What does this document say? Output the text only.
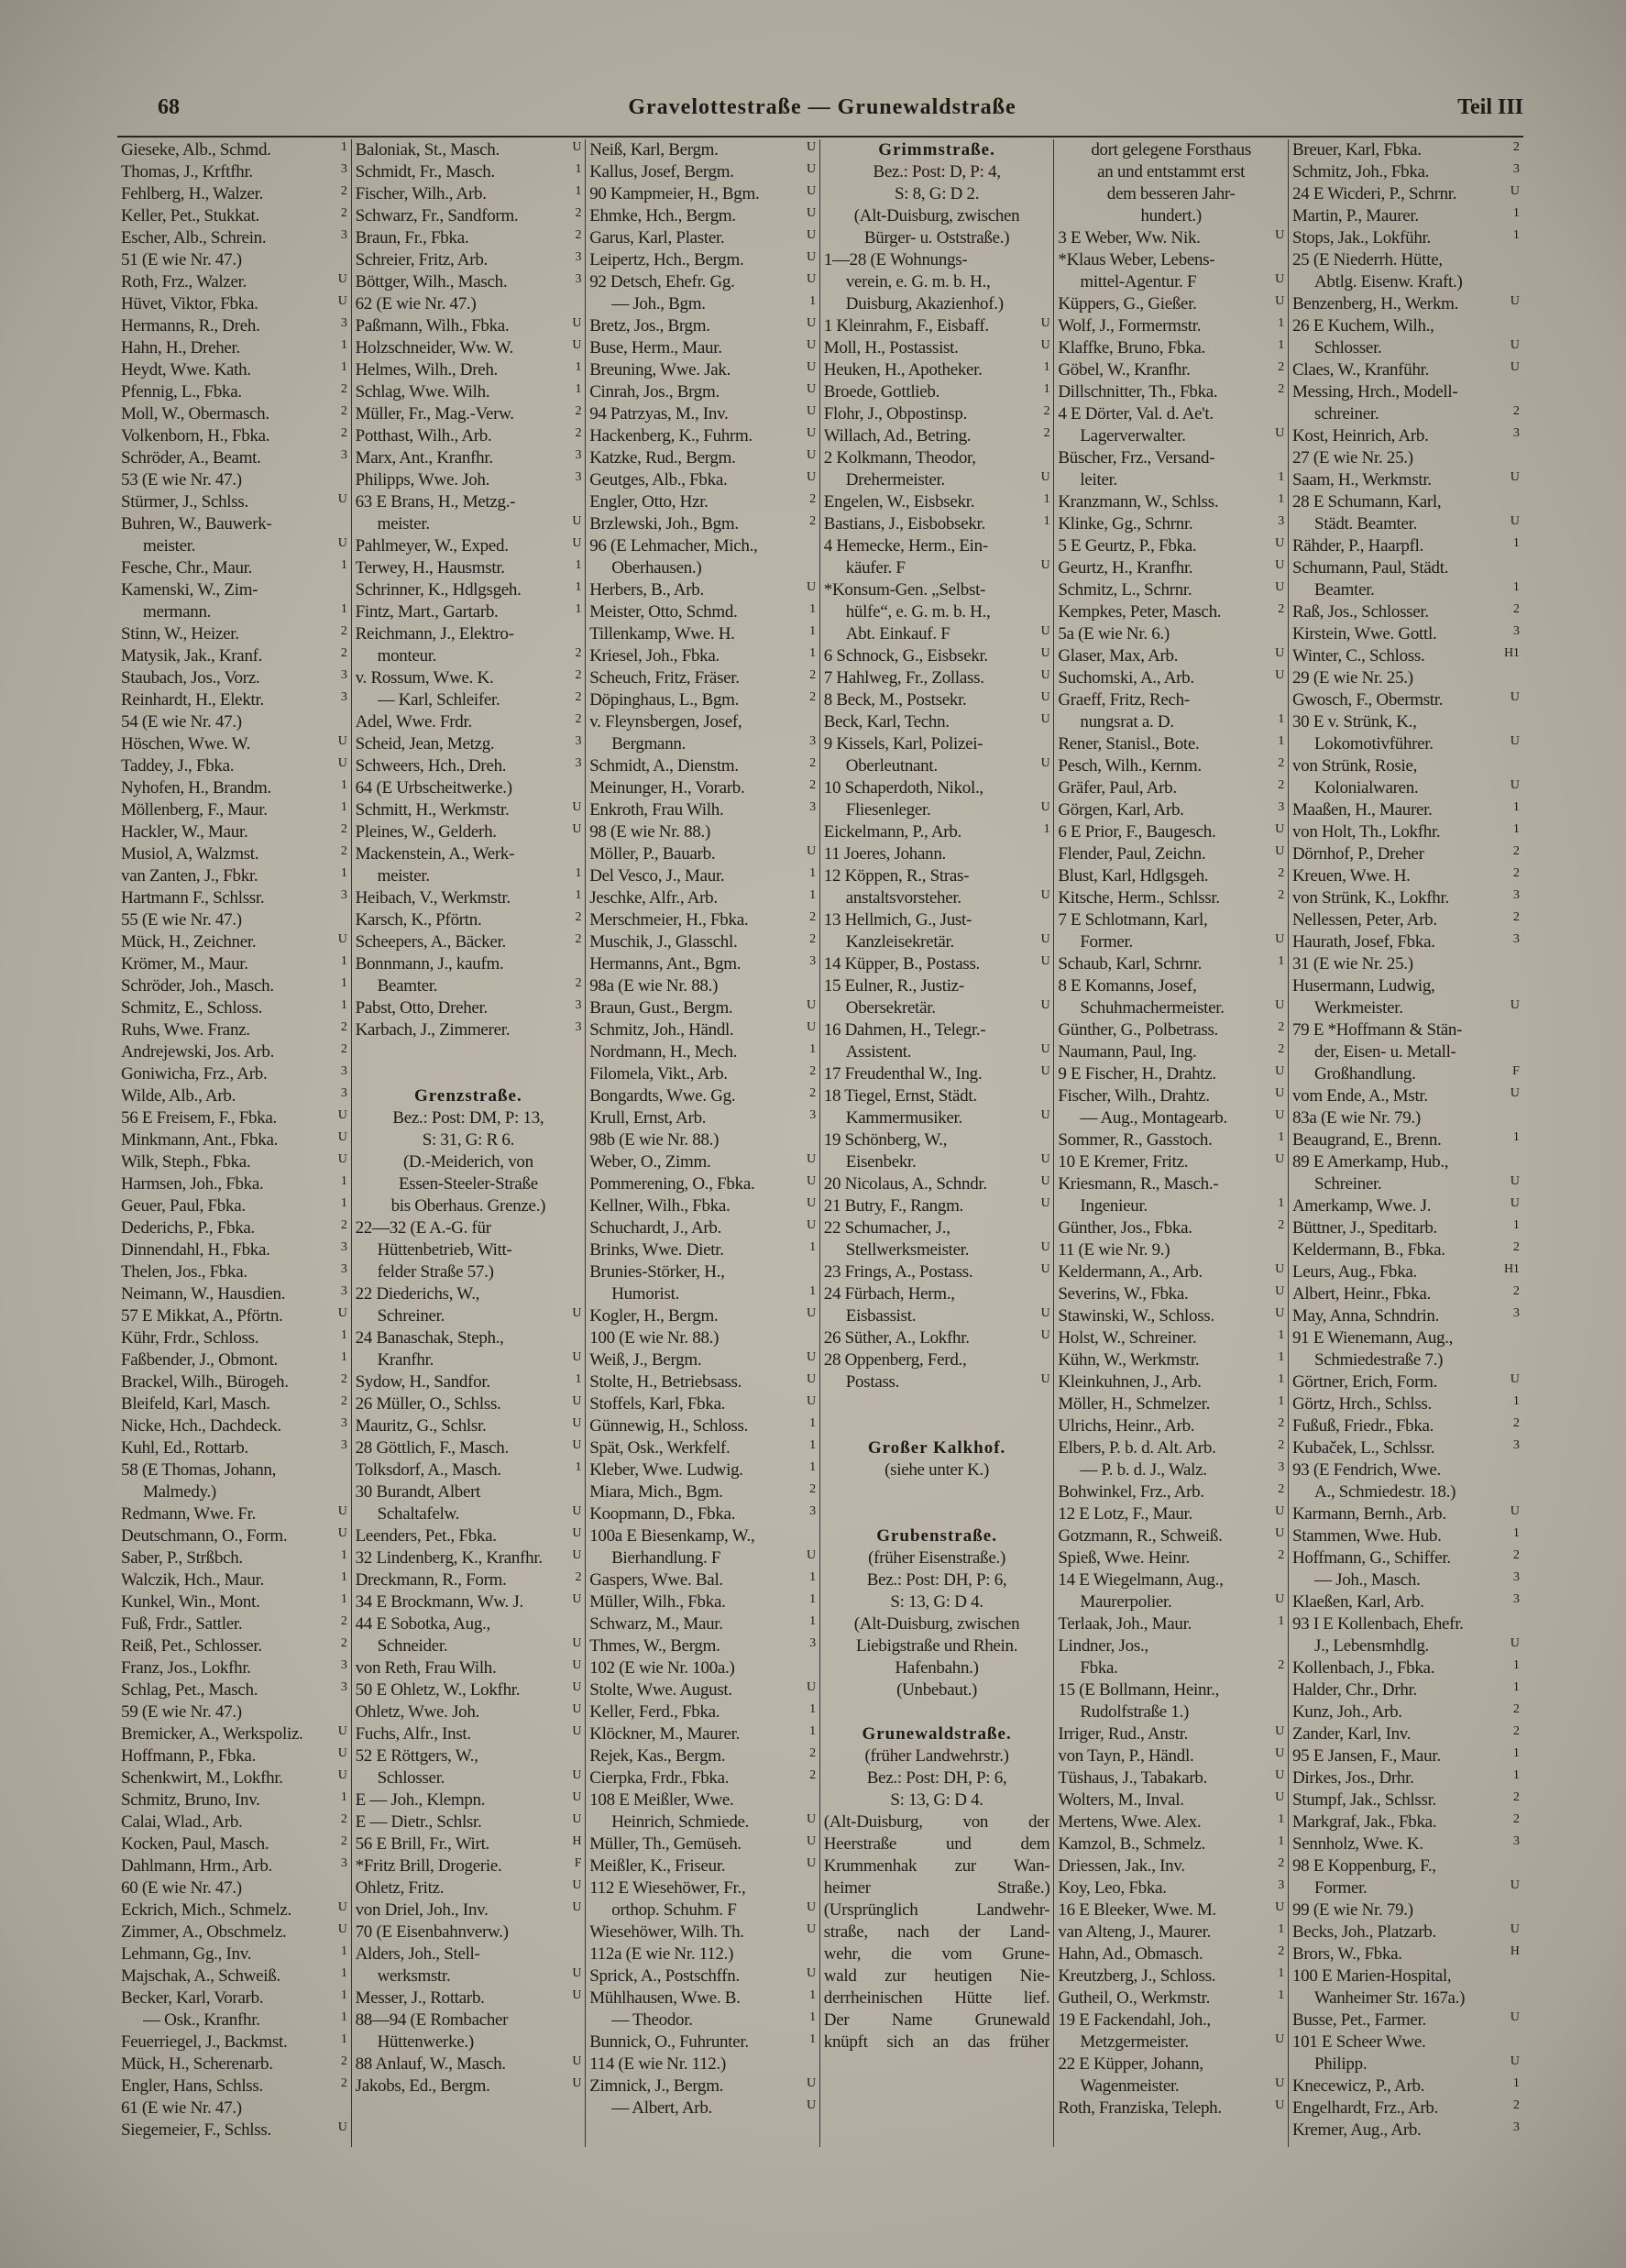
68	Gravelottestraße — Grunewaldstraße	Teil III
Gieseke, Alb., Schmd.	1
Thomas, J., Krftfhr.	3
Fehlberg, H., Walzer.	2
Keller, Pet., Stukkat.	2
Escher, Alb., Schrein.	3
51 (E wie Nr. 47.)
Roth, Frz., Walzer.	U
Hüvet, Viktor, Fbka.	U
Hermanns, R., Dreh.	3
Hahn, H., Dreher.	1
Heydt, Wwe. Kath.	1
Pfennig, L., Fbka.	2
Moll, W., Obermasch.	2
Volkenborn, H., Fbka.	2
Schröder, A., Beamt.	3
53 (E wie Nr. 47.)
Stürmer, J., Schlss.	U
Buhren, W., Bauwerk-
meister.	U
Fesche, Chr., Maur.	1
Kamenski, W., Zim-
mermann.	1
Stinn, W., Heizer.	2
Matysik, Jak., Kranf.	2
Staubach, Jos., Vorz.	3
Reinhardt, H., Elektr.	3
54 (E wie Nr. 47.)
Höschen, Wwe. W.	U
Taddey, J., Fbka.	U
Nyhofen, H., Brandm.	1
Möllenberg, F., Maur.	1
Hackler, W., Maur.	2
Musiol, A, Walzmst.	2
van Zanten, J., Fbkr.	1
Hartmann F., Schlssr.	3
55 (E wie Nr. 47.)
Mück, H., Zeichner.	U
Krömer, M., Maur.	1
Schröder, Joh., Masch.	1
Schmitz, E., Schloss.	1
Ruhs, Wwe. Franz.	2
Andrejewski, Jos. Arb.	2
Goniwicha, Frz., Arb.	3
Wilde, Alb., Arb.	3
56 E Freisem, F., Fbka.	U
Minkmann, Ant., Fbka.	U
Wilk, Steph., Fbka.	U
Harmsen, Joh., Fbka.	1
Geuer, Paul, Fbka.	1
Dederichs, P., Fbka.	2
Dinnendahl, H., Fbka.	3
Thelen, Jos., Fbka.	3
Neimann, W., Hausdien.	3
57 E Mikkat, A., Pförtn.	U
Kühr, Frdr., Schloss.	1
Faßbender, J., Obmont.	1
Brackel, Wilh., Bürogeh.	2
Bleifeld, Karl, Masch.	2
Nicke, Hch., Dachdeck.	3
Kuhl, Ed., Rottarb.	3
58 (E Thomas, Johann,
Malmedy.)
Redmann, Wwe. Fr.	U
Deutschmann, O., Form.	U
Saber, P., Strßbch.	1
Walczik, Hch., Maur.	1
Kunkel, Win., Mont.	1
Fuß, Frdr., Sattler.	2
Reiß, Pet., Schlosser.	2
Franz, Jos., Lokfhr.	3
Schlag, Pet., Masch.	3
59 (E wie Nr. 47.)
Bremicker, A., Werkspoliz.	U
Hoffmann, P., Fbka.	U
Schenkwirt, M., Lokfhr.	U
Schmitz, Bruno, Inv.	1
Calai, Wlad., Arb.	2
Kocken, Paul, Masch.	2
Dahlmann, Hrm., Arb.	3
60 (E wie Nr. 47.)
Eckrich, Mich., Schmelz.	U
Zimmer, A., Obschmelz.	U
Lehmann, Gg., Inv.	1
Majschak, A., Schweiß.	1
Becker, Karl, Vorarb.	1
— Osk., Kranfhr.	1
Feuerriegel, J., Backmst.	1
Mück, H., Scherenarb.	2
Engler, Hans, Schlss.	2
61 (E wie Nr. 47.)
Siegemeier, F., Schlss.	U
Baloniak, St., Masch.	U
Schmidt, Fr., Masch.	1
Fischer, Wilh., Arb.	1
Schwarz, Fr., Sandform.	2
Braun, Fr., Fbka.	2
Schreier, Fritz, Arb.	3
Böttger, Wilh., Masch.	3
62 (E wie Nr. 47.)
Paßmann, Wilh., Fbka.	U
Holzschneider, Ww. W.	U
Helmes, Wilh., Dreh.	1
Schlag, Wwe. Wilh.	1
Müller, Fr., Mag.-Verw.	2
Potthast, Wilh., Arb.	2
Marx, Ant., Kranfhr.	3
Philipps, Wwe. Joh.	3
63 E Brans, H., Metzg.-
meister.	U
Pahlmeyer, W., Exped.	U
Terwey, H., Hausmstr.	1
Schrinner, K., Hdlgsgeh.	1
Fintz, Mart., Gartarb.	1
Reichmann, J., Elektro-
monteur.	2
v. Rossum, Wwe. K.	2
— Karl, Schleifer.	2
Adel, Wwe. Frdr.	2
Scheid, Jean, Metzg.	3
Schweers, Hch., Dreh.	3
64 (E Urbscheitwerke.)
Schmitt, H., Werkmstr.	U
Pleines, W., Gelderh.	U
Mackenstein, A., Werk-
meister.	1
Heibach, V., Werkmstr.	1
Karsch, K., Pförtn.	2
Scheepers, A., Bäcker.	2
Bonnmann, J., kaufm.
Beamter.	2
Pabst, Otto, Dreher.	3
Karbach, J., Zimmerer.	3
Grenzstraße.
Bez.: Post: DM, P: 13,
S: 31, G: R 6.
(D.-Meiderich, von
Essen-Steeler-Straße
bis Oberhaus. Grenze.)
22—32 (E A.-G. für
Hüttenbetrieb, Witt-
felder Straße 57.)
22 Diederichs, W.,
Schreiner.	U
24 Banaschak, Steph.,
Kranfhr.	U
Sydow, H., Sandfor.	1
26 Müller, O., Schlss.	U
Mauritz, G., Schlsr.	U
28 Göttlich, F., Masch.	U
Tolksdorf, A., Masch.	1
30 Burandt, Albert
Schaltafelw.	U
Leenders, Pet., Fbka.	U
32 Lindenberg, K., Kranfhr.	U
Dreckmann, R., Form.	2
34 E Brockmann, Ww. J.	U
44 E Sobotka, Aug.,
Schneider.	U
von Reth, Frau Wilh.	U
50 E Ohletz, W., Lokfhr.	U
Ohletz, Wwe. Joh.	U
Fuchs, Alfr., Inst.	U
52 E Röttgers, W.,
Schlosser.	U
E — Joh., Klempn.	U
E — Dietr., Schlsr.	U
56 E Brill, Fr., Wirt.	H
*Fritz Brill, Drogerie.	F
Ohletz, Fritz.	U
von Driel, Joh., Inv.	U
70 (E Eisenbahnverw.)
Alders, Joh., Stell-
werksmstr.	U
Messer, J., Rottarb.	U
88—94 (E Rombacher
Hüttenwerke.)
88 Anlauf, W., Masch.	U
Jakobs, Ed., Bergm.	U
Neiß, Karl, Bergm.	U
Kallus, Josef, Bergm.	U
90 Kampmeier, H., Bgm.	U
Ehmke, Hch., Bergm.	U
Garus, Karl, Plaster.	U
Leipertz, Hch., Bergm.	U
92 Detsch, Ehefr. Gg.	U
— Joh., Bgm.	1
Bretz, Jos., Brgm.	U
Buse, Herm., Maur.	U
Breuning, Wwe. Jak.	U
Cinrah, Jos., Brgm.	U
94 Patrzyas, M., Inv.	U
Hackenberg, K., Fuhrm.	U
Katzke, Rud., Bergm.	U
Geutges, Alb., Fbka.	U
Engler, Otto, Hzr.	2
Brzlewski, Joh., Bgm.	2
96 (E Lehmacher, Mich.,
Oberhausen.)
Herbers, B., Arb.	U
Meister, Otto, Schmd.	1
Tillenkamp, Wwe. H.	1
Kriesel, Joh., Fbka.	1
Scheuch, Fritz, Fräser.	2
Döpinghaus, L., Bgm.	2
v. Fleynsbergen, Josef,
Bergmann.	3
Schmidt, A., Dienstm.	2
Meinunger, H., Vorarb.	2
Enkroth, Frau Wilh.	3
98 (E wie Nr. 88.)
Möller, P., Bauarb.	U
Del Vesco, J., Maur.	1
Jeschke, Alfr., Arb.	1
Merschmeier, H., Fbka.	2
Muschik, J., Glasschl.	2
Hermanns, Ant., Bgm.	3
98a (E wie Nr. 88.)
Braun, Gust., Bergm.	U
Schmitz, Joh., Händl.	U
Nordmann, H., Mech.	1
Filomela, Vikt., Arb.	2
Bongardts, Wwe. Gg.	2
Krull, Ernst, Arb.	3
98b (E wie Nr. 88.)
Weber, O., Zimm.	U
Pommerening, O., Fbka.	U
Kellner, Wilh., Fbka.	U
Schuchardt, J., Arb.	U
Brinks, Wwe. Dietr.	1
Brunies-Störker, H.,
Humorist.	1
Kogler, H., Bergm.	U
100 (E wie Nr. 88.)
Weiß, J., Bergm.	U
Stolte, H., Betriebsass.	U
Stoffels, Karl, Fbka.	U
Günnewig, H., Schloss.	1
Spät, Osk., Werkfelf.	1
Kleber, Wwe. Ludwig.	1
Miara, Mich., Bgm.	2
Koopmann, D., Fbka.	3
100a E Biesenkamp, W.,
Bierhandlung. F	U
Gaspers, Wwe. Bal.	1
Müller, Wilh., Fbka.	1
Schwarz, M., Maur.	1
Thmes, W., Bergm.	3
102 (E wie Nr. 100a.)
Stolte, Wwe. August.	U
Keller, Ferd., Fbka.	1
Klöckner, M., Maurer.	1
Rejek, Kas., Bergm.	2
Cierpka, Frdr., Fbka.	2
108 E Meißler, Wwe.
Heinrich, Schmiede.	U
Müller, Th., Gemüseh.	U
Meißler, K., Friseur.	U
112 E Wiesehöwer, Fr.,
orthop. Schuhm. F	U
Wiesehöwer, Wilh. Th.	U
112a (E wie Nr. 112.)
Sprick, A., Postschffn.	U
Mühlhausen, Wwe. B.	1
— Theodor.	1
Bunnick, O., Fuhrunter.	1
114 (E wie Nr. 112.)
Zimnick, J., Bergm.	U
— Albert, Arb.	U
Grimmstraße.
Bez.: Post: D, P: 4,
S: 8, G: D 2.
(Alt-Duisburg, zwischen
Bürger- u. Oststraße.)
1—28 (E Wohnungs-
verein, e. G. m. b. H.,
Duisburg, Akazienhof.)
1 Kleinrahm, F., Eisbaff.	U
Moll, H., Postassist.	U
Heuken, H., Apotheker.	1
Broede, Gottlieb.	1
Flohr, J., Obpostinsp.	2
Willach, Ad., Betring.	2
2 Kolkmann, Theodor,
Drehermeister.	U
Engelen, W., Eisbsekr.	1
Bastians, J., Eisbobsekr.	1
4 Hemecke, Herm., Ein-
käufer. F	U
*Konsum-Gen. „Selbst-
hülfe“, e. G. m. b. H.,
Abt. Einkauf. F	U
6 Schnock, G., Eisbsekr.	U
7 Hahlweg, Fr., Zollass.	U
8 Beck, M., Postsekr.	U
Beck, Karl, Techn.	U
9 Kissels, Karl, Polizei-
Oberleutnant.	U
10 Schaperdoth, Nikol.,
Fliesenleger.	U
Eickelmann, P., Arb.	1
11 Joeres, Johann.
12 Köppen, R., Stras-
anstaltsvorsteher.	U
13 Hellmich, G., Just-
Kanzleisekretär.	U
14 Küpper, B., Postass.	U
15 Eulner, R., Justiz-
Obersekretär.	U
16 Dahmen, H., Telegr.-
Assistent.	U
17 Freudenthal W., Ing.	U
18 Tiegel, Ernst, Städt.
Kammermusiker.	U
19 Schönberg, W.,
Eisenbekr.	U
20 Nicolaus, A., Schndr.	U
21 Butry, F., Rangm.	U
22 Schumacher, J.,
Stellwerksmeister.	U
23 Frings, A., Postass.	U
24 Fürbach, Herm.,
Eisbassist.	U
26 Süther, A., Lokfhr.	U
28 Oppenberg, Ferd.,
Postass.	U
Großer Kalkhof.
(siehe unter K.)
Grubenstraße.
(früher Eisenstraße.)
Bez.: Post: DH, P: 6,
S: 13, G: D 4.
(Alt-Duisburg, zwischen
Liebigstraße und Rhein.
Hafenbahn.)
(Unbebaut.)
Grunewaldstraße.
(früher Landwehrstr.)
Bez.: Post: DH, P: 6,
S: 13, G: D 4.
(Alt-Duisburg, von der
Heerstraße und dem
Krummenhak zur Wan-
heimer Straße.)
(Ursprünglich Landwehr-
straße, nach der Land-
wehr, die vom Grune-
wald zur heutigen Nie-
derrheinischen Hütte lief.
Der Name Grunewald
knüpft sich an das früher
dort gelegene Forsthaus
an und entstammt erst
dem besseren Jahr-
hundert.)
3 E Weber, Ww. Nik.	U
*Klaus Weber, Lebens-
mittel-Agentur. F	U
Küppers, G., Gießer.	U
Wolf, J., Formermstr.	1
Klaffke, Bruno, Fbka.	1
Göbel, W., Kranfhr.	2
Dillschnitter, Th., Fbka.	2
4 E Dörter, Val. d. Ae't.
Lagerverwalter.	U
Büscher, Frz., Versand-
leiter.	1
Kranzmann, W., Schlss.	1
Klinke, Gg., Schrnr.	3
5 E Geurtz, P., Fbka.	U
Geurtz, H., Kranfhr.	U
Schmitz, L., Schrnr.	U
Kempkes, Peter, Masch.	2
5a (E wie Nr. 6.)
Glaser, Max, Arb.	U
Suchomski, A., Arb.	U
Graeff, Fritz, Rech-
nungsrat a. D.	1
Rener, Stanisl., Bote.	1
Pesch, Wilh., Kernm.	2
Gräfer, Paul, Arb.	2
Görgen, Karl, Arb.	3
6 E Prior, F., Baugesch.	U
Flender, Paul, Zeichn.	U
Blust, Karl, Hdlgsgeh.	2
Kitsche, Herm., Schlssr.	2
7 E Schlotmann, Karl,
Former.	U
Schaub, Karl, Schrnr.	1
8 E Komanns, Josef,
Schuhmachermeister.	U
Günther, G., Polbetrass.	2
Naumann, Paul, Ing.	2
9 E Fischer, H., Drahtz.	U
Fischer, Wilh., Drahtz.	U
— Aug., Montagearb.	U
Sommer, R., Gasstoch.	1
10 E Kremer, Fritz.	U
Kriesmann, R., Masch.-
Ingenieur.	1
Günther, Jos., Fbka.	2
11 (E wie Nr. 9.)
Keldermann, A., Arb.	U
Severins, W., Fbka.	U
Stawinski, W., Schloss.	U
Holst, W., Schreiner.	1
Kühn, W., Werkmstr.	1
Kleinkuhnen, J., Arb.	1
Möller, H., Schmelzer.	1
Ulrichs, Heinr., Arb.	2
Elbers, P. b. d. Alt. Arb.	2
— P. b. d. J., Walz.	3
Bohwinkel, Frz., Arb.	2
12 E Lotz, F., Maur.	U
Gotzmann, R., Schweiß.	U
Spieß, Wwe. Heinr.	2
14 E Wiegelmann, Aug.,
Maurerpolier.	U
Terlaak, Joh., Maur.	1
Lindner, Jos.,
Fbka.	2
15 (E Bollmann, Heinr.,
Rudolfstraße 1.)
Irriger, Rud., Anstr.	U
von Tayn, P., Händl.	U
Tüshaus, J., Tabakarb.	U
Wolters, M., Inval.	U
Mertens, Wwe. Alex.	1
Kamzol, B., Schmelz.	1
Driessen, Jak., Inv.	2
Koy, Leo, Fbka.	3
16 E Bleeker, Wwe. M.	U
van Alteng, J., Maurer.	1
Hahn, Ad., Obmasch.	2
Kreutzberg, J., Schloss.	1
Gutheil, O., Werkmstr.	1
19 E Fackendahl, Joh.,
Metzgermeister.	U
22 E Küpper, Johann,
Wagenmeister.	U
Roth, Franziska, Teleph.	U
Breuer, Karl, Fbka.	2
Schmitz, Joh., Fbka.	3
24 E Wicderi, P., Schrnr.	U
Martin, P., Maurer.	1
Stops, Jak., Lokführ.	1
25 (E Niederrh. Hütte,
Abtlg. Eisenw. Kraft.)
Benzenberg, H., Werkm.	U
26 E Kuchem, Wilh.,
Schlosser.	U
Claes, W., Kranführ.	U
Messing, Hrch., Modell-
schreiner.	2
Kost, Heinrich, Arb.	3
27 (E wie Nr. 25.)
Saam, H., Werkmstr.	U
28 E Schumann, Karl,
Städt. Beamter.	U
Rähder, P., Haarpfl.	1
Schumann, Paul, Städt.
Beamter.	1
Raß, Jos., Schlosser.	2
Kirstein, Wwe. Gottl.	3
Winter, C., Schloss.	H1
29 (E wie Nr. 25.)
Gwosch, F., Obermstr.	U
30 E v. Strünk, K.,
Lokomotivführer.	U
von Strünk, Rosie,
Kolonialwaren.	U
Maaßen, H., Maurer.	1
von Holt, Th., Lokfhr.	1
Dörnhof, P., Dreher	2
Kreuen, Wwe. H.	2
von Strünk, K., Lokfhr.	3
Nellessen, Peter, Arb.	2
Haurath, Josef, Fbka.	3
31 (E wie Nr. 25.)
Husermann, Ludwig,
Werkmeister.	U
79 E *Hoffmann & Stän-
der, Eisen- u. Metall-
Großhandlung.	F
vom Ende, A., Mstr.	U
83a (E wie Nr. 79.)
Beaugrand, E., Brenn.	1
89 E Amerkamp, Hub.,
Schreiner.	U
Amerkamp, Wwe. J.	U
Büttner, J., Speditarb.	1
Keldermann, B., Fbka.	2
Leurs, Aug., Fbka.	H1
Albert, Heinr., Fbka.	2
May, Anna, Schndrin.	3
91 E Wienemann, Aug.,
Schmiedestraße 7.)
Görtner, Erich, Form.	U
Görtz, Hrch., Schlss.	1
Fußuß, Friedr., Fbka.	2
Kubaček, L., Schlssr.	3
93 (E Fendrich, Wwe.
A., Schmiedestr. 18.)
Karmann, Bernh., Arb.	U
Stammen, Wwe. Hub.	1
Hoffmann, G., Schiffer.	2
— Joh., Masch.	3
Klaeßen, Karl, Arb.	3
93 I E Kollenbach, Ehefr.
J., Lebensmhdlg.	U
Kollenbach, J., Fbka.	1
Halder, Chr., Drhr.	1
Kunz, Joh., Arb.	2
Zander, Karl, Inv.	2
95 E Jansen, F., Maur.	1
Dirkes, Jos., Drhr.	1
Stumpf, Jak., Schlssr.	2
Markgraf, Jak., Fbka.	2
Sennholz, Wwe. K.	3
98 E Koppenburg, F.,
Former.	U
99 (E wie Nr. 79.)
Becks, Joh., Platzarb.	U
Brors, W., Fbka.	H
100 E Marien-Hospital,
Wanheimer Str. 167a.)
Busse, Pet., Farmer.	U
101 E Scheer Wwe.
Philipp.	U
Knecewicz, P., Arb.	1
Engelhardt, Frz., Arb.	2
Kremer, Aug., Arb.	3
